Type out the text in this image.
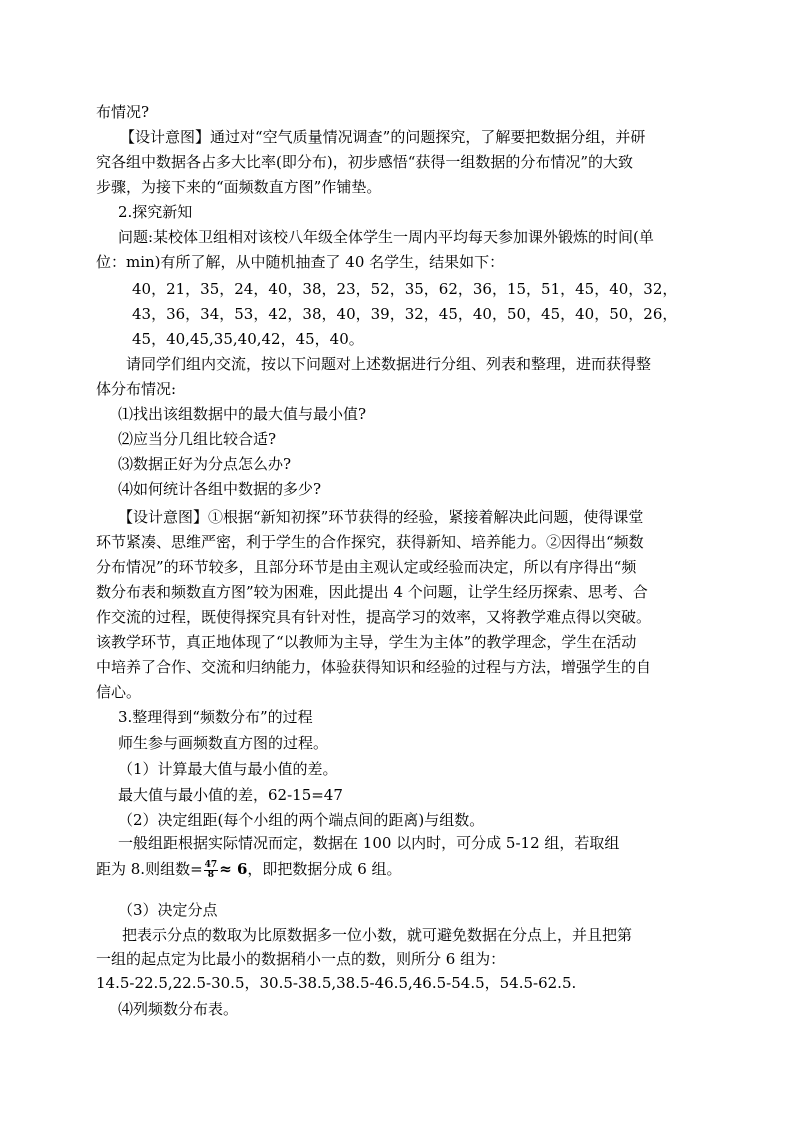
布情况?
【设计意图】通过对“空气质量情况调查”的问题探究，了解要把数据分组，并研
究各组中数据各占多大比率(即分布)，初步感悟“获得一组数据的分布情况”的大致
步骤，为接下来的“面频数直方图”作铺垫。
2.探究新知
问题:某校体卫组相对该校八年级全体学生一周内平均每天参加课外锻炼的时间(单
位：min)有所了解，从中随机抽查了 40 名学生，结果如下：
40，21，35，24，40，38，23，52，35，62，36，15，51，45，40，32，
43，36，34，53，42，38，40，39，32，45，40，50，45，40，50，26，
45，40,45,35,40,42，45，40。
请同学们组内交流，按以下问题对上述数据进行分组、列表和整理，进而获得整
体分布情况:
⑴找出该组数据中的最大值与最小值?
⑵应当分几组比较合适?
⑶数据正好为分点怎么办?
⑷如何统计各组中数据的多少?
【设计意图】①根据“新知初探”环节获得的经验，紧接着解决此问题，使得课堂
环节紧凑、思维严密，利于学生的合作探究，获得新知、培养能力。②因得出“频数
分布情况”的环节较多，且部分环节是由主观认定或经验而决定，所以有序得出“频
数分布表和频数直方图”较为困难，因此提出 4 个问题，让学生经历探索、思考、合
作交流的过程，既使得探究具有针对性，提高学习的效率，又将教学难点得以突破。
该教学环节，真正地体现了“以教师为主导，学生为主体”的教学理念，学生在活动
中培养了合作、交流和归纳能力，体验获得知识和经验的过程与方法，增强学生的自
信心。
3.整理得到“频数分布”的过程
师生参与画频数直方图的过程。
（1）计算最大值与最小值的差。
最大值与最小值的差，62-15=47
（2）决定组距(每个小组的两个端点间的距离)与组数。
一般组距根据实际情况而定，数据在 100 以内时，可分成 5-12 组，若取组
距为 8.则组数= $\frac{47}{8} \approx 6$，即把数据分成 6 组。
（3）决定分点
把表示分点的数取为比原数据多一位小数，就可避免数据在分点上，并且把第
一组的起点定为比最小的数据稍小一点的数，则所分 6 组为：
14.5-22.5,22.5-30.5，30.5-38.5,38.5-46.5,46.5-54.5，54.5-62.5.
⑷列频数分布表。
